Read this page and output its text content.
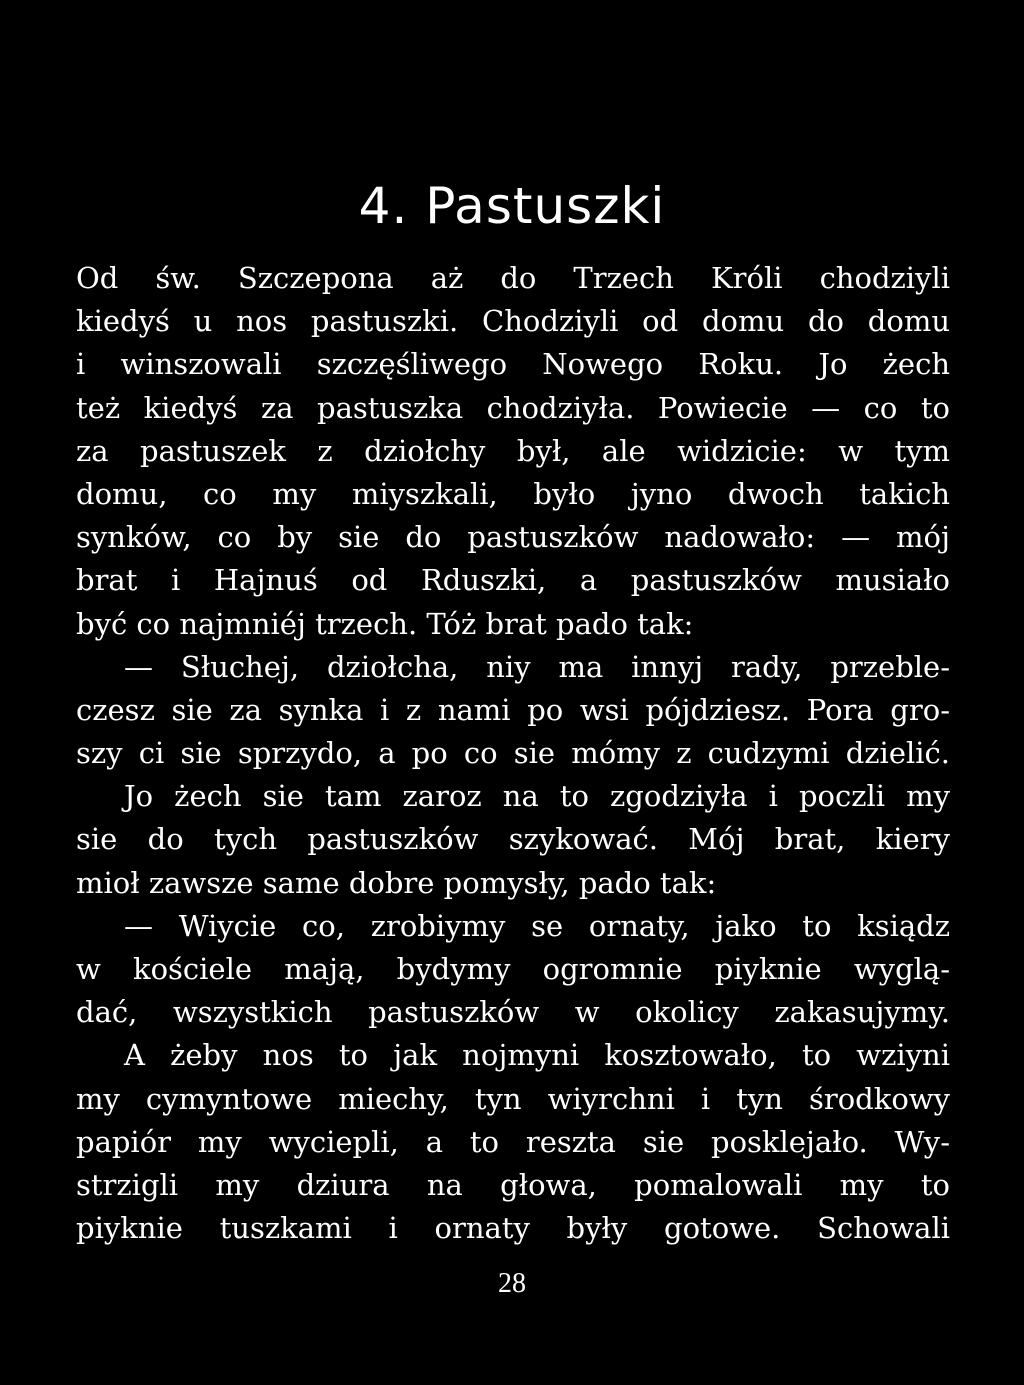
4. Pastuszki
Od św. Szczepona aż do Trzech Króli chodziyli
kiedyś u nos pastuszki. Chodziyli od domu do domu
i winszowali szczęśliwego Nowego Roku. Jo żech
też kiedyś za pastuszka chodziyła. Powiecie — co to
za pastuszek z dziołchy był, ale widzicie: w tym
domu, co my miyszkali, było jyno dwoch takich
synków, co by sie do pastuszków nadowało: — mój
brat i Hajnuś od Rduszki, a pastuszków musiało
być co najmniéj trzech. Tóż brat pado tak:
— Słuchej, dziołcha, niy ma innyj rady, przeble-
czesz sie za synka i z nami po wsi pójdziesz. Pora gro-
szy ci sie sprzydo, a po co sie mómy z cudzymi dzielić.
Jo żech sie tam zaroz na to zgodziyła i poczli my
sie do tych pastuszków szykować. Mój brat, kiery
mioł zawsze same dobre pomysły, pado tak:
— Wiycie co, zrobiymy se ornaty, jako to ksiądz
w kościele mają, bydymy ogromnie piyknie wyglą-
dać, wszystkich pastuszków w okolicy zakasujymy.
A żeby nos to jak nojmyni kosztowało, to wziyni
my cymyntowe miechy, tyn wiyrchni i tyn środkowy
papiór my wyciepli, a to reszta sie posklejało. Wy-
strzigli my dziura na głowa, pomalowali my to
piyknie tuszkami i ornaty były gotowe. Schowali
28
